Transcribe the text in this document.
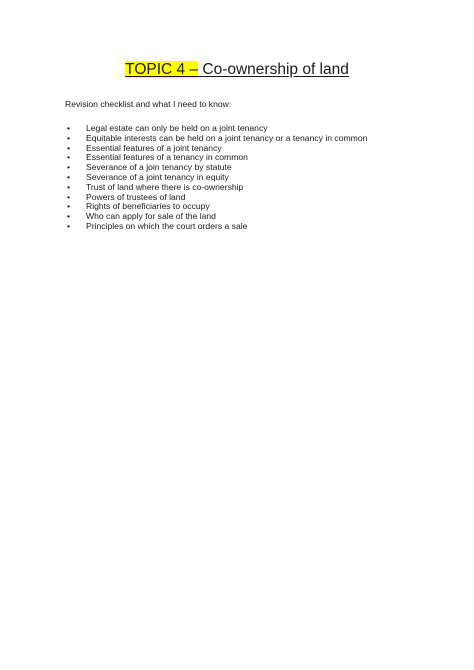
TOPIC 4 – Co-ownership of land
Revision checklist and what I need to know:
•	Legal estate can only be held on a joint tenancy
•	Equitable interests can be held on a joint tenancy or a tenancy in common
•	Essential features of a joint tenancy
•	Essential features of a tenancy in common
•	Severance of a join tenancy by statute
•	Severance of a joint tenancy in equity
•	Trust of land where there is co-ownership
•	Powers of trustees of land
•	Rights of beneficiaries to occupy
•	Who can apply for sale of the land
•	Principles on which the court orders a sale
